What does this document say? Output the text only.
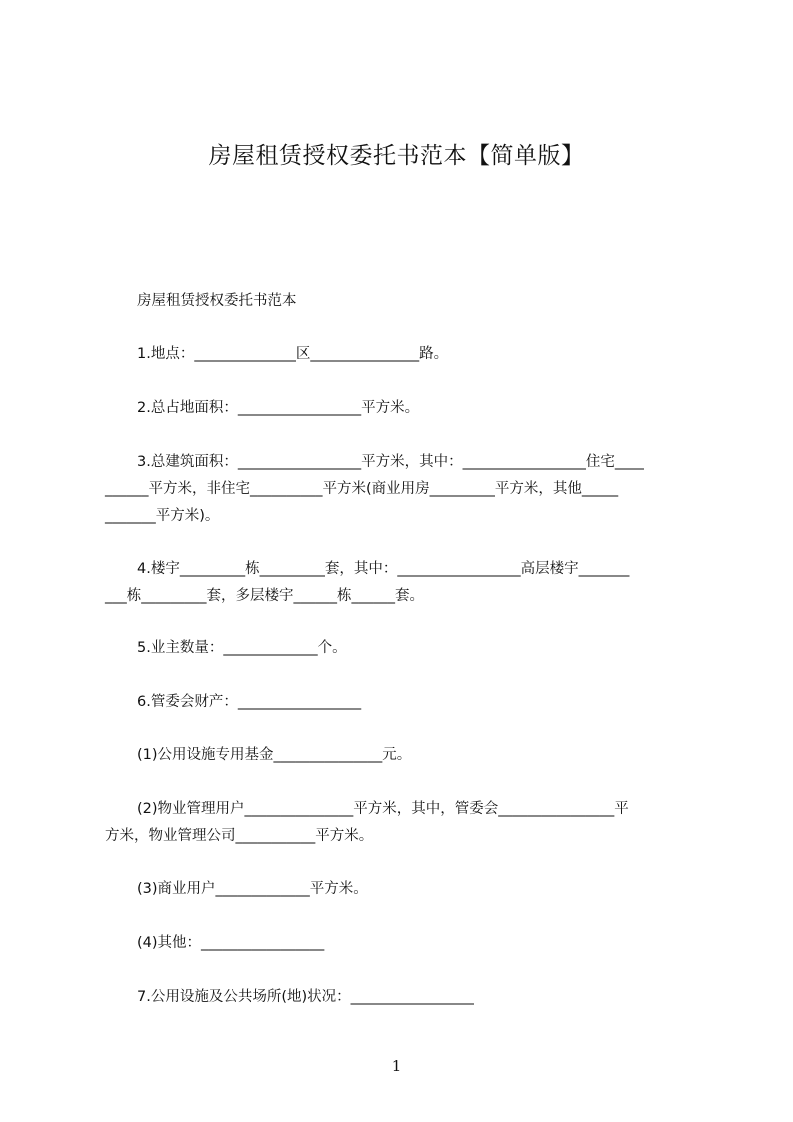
房屋租赁授权委托书范本【简单版】
房屋租赁授权委托书范本
1.地点：______________区_______________路。
2.总占地面积：_________________平方米。
3.总建筑面积：_________________平方米，其中：_________________住宅____
______平方米，非住宅__________平方米(商业用房_________平方米，其他_____
_______平方米)。
4.楼宇_________栋_________套，其中：_________________高层楼宇_______
___栋_________套，多层楼宇______栋______套。
5.业主数量：_____________个。
6.管委会财产：_________________
(1)公用设施专用基金_______________元。
(2)物业管理用户_______________平方米，其中，管委会________________平
方米，物业管理公司___________平方米。
(3)商业用户_____________平方米。
(4)其他：_________________
7.公用设施及公共场所(地)状况：_________________
1
